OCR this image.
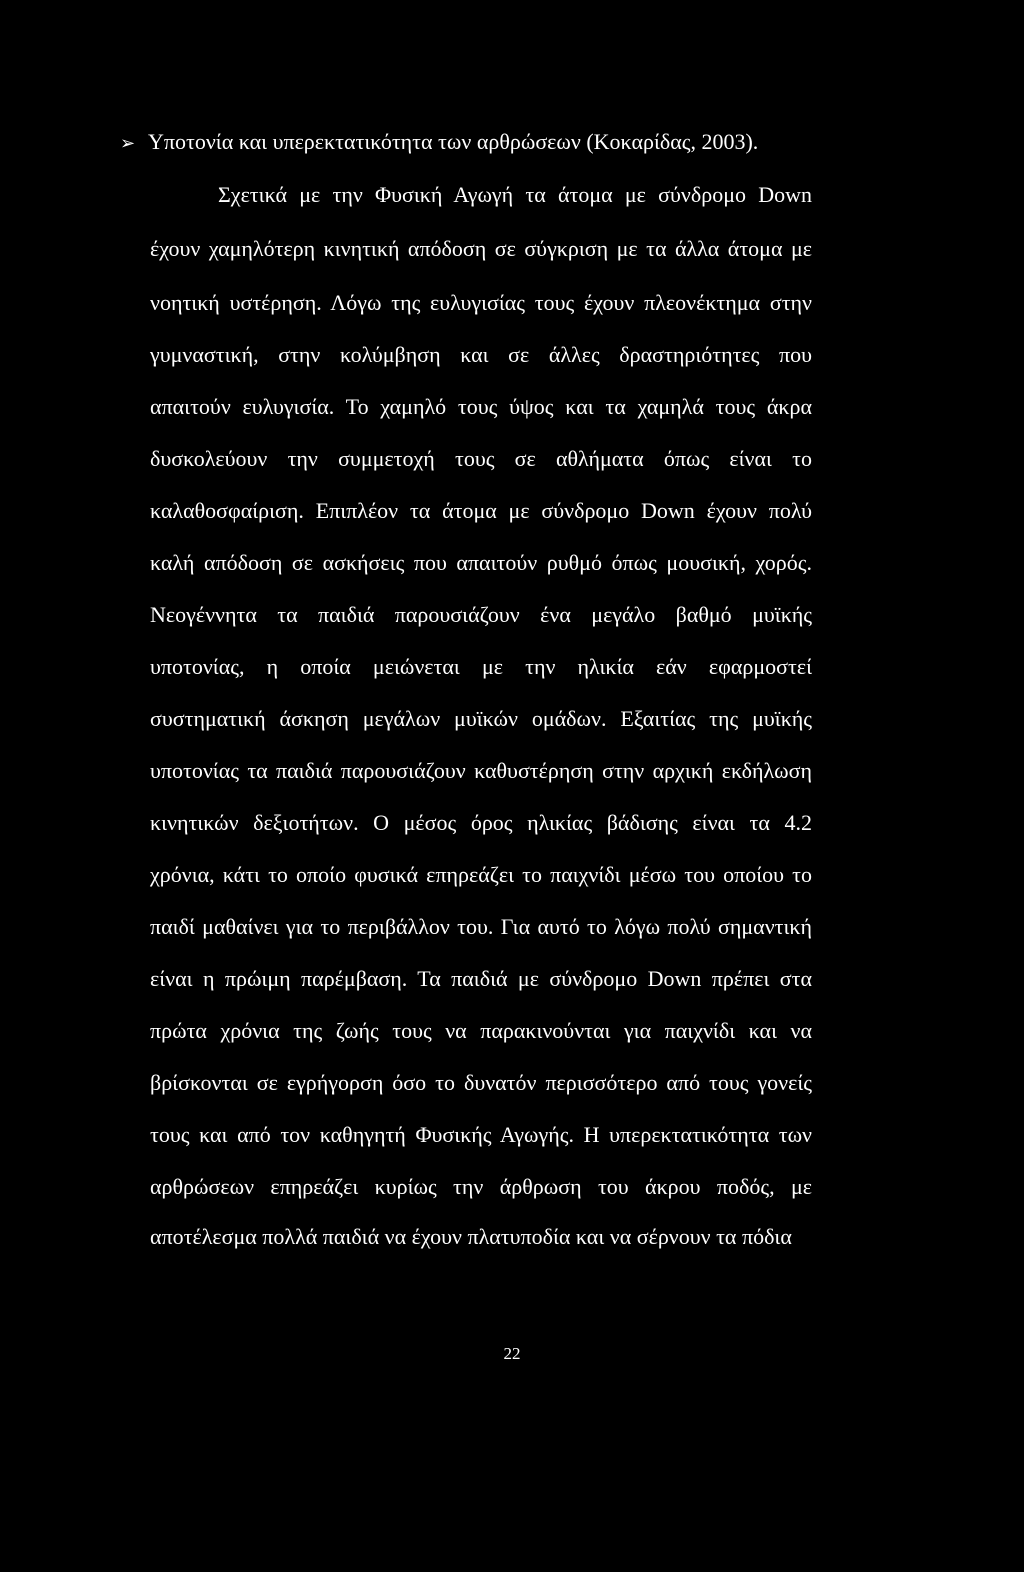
➢ Υποτονία και υπερεκτατικότητα των αρθρώσεων (Κοκαρίδας, 2003).
Σχετικά με την Φυσική Αγωγή τα άτομα με σύνδρομο Down
έχουν χαμηλότερη κινητική απόδοση σε σύγκριση με τα άλλα άτομα με
νοητική υστέρηση. Λόγω της ευλυγισίας τους έχουν πλεονέκτημα στην
γυμναστική, στην κολύμβηση και σε άλλες δραστηριότητες που
απαιτούν ευλυγισία. Το χαμηλό τους ύψος και τα χαμηλά τους άκρα
δυσκολεύουν την συμμετοχή τους σε αθλήματα όπως είναι το
καλαθοσφαίριση. Επιπλέον τα άτομα με σύνδρομο Down έχουν πολύ
καλή απόδοση σε ασκήσεις που απαιτούν ρυθμό όπως μουσική, χορός.
Νεογέννητα τα παιδιά παρουσιάζουν ένα μεγάλο βαθμό μυϊκής
υποτονίας, η οποία μειώνεται με την ηλικία εάν εφαρμοστεί
συστηματική άσκηση μεγάλων μυϊκών ομάδων. Εξαιτίας της μυϊκής
υποτονίας τα παιδιά παρουσιάζουν καθυστέρηση στην αρχική εκδήλωση
κινητικών δεξιοτήτων. Ο μέσος όρος ηλικίας βάδισης είναι τα 4.2
χρόνια, κάτι το οποίο φυσικά επηρεάζει το παιχνίδι μέσω του οποίου το
παιδί μαθαίνει για το περιβάλλον του. Για αυτό το λόγω πολύ σημαντική
είναι η πρώιμη παρέμβαση. Τα παιδιά με σύνδρομο Down πρέπει στα
πρώτα χρόνια της ζωής τους να παρακινούνται για παιχνίδι και να
βρίσκονται σε εγρήγορση όσο το δυνατόν περισσότερο από τους γονείς
τους και από τον καθηγητή Φυσικής Αγωγής. Η υπερεκτατικότητα των
αρθρώσεων επηρεάζει κυρίως την άρθρωση του άκρου ποδός, με
αποτέλεσμα πολλά παιδιά να έχουν πλατυποδία και να σέρνουν τα πόδια
22
